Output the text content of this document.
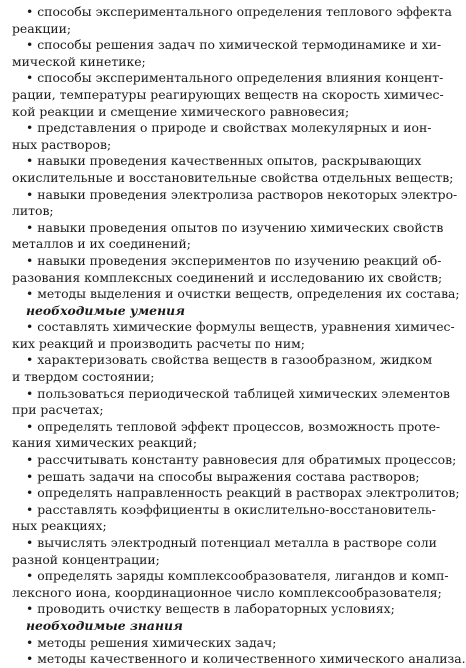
• способы экспериментального определения теплового эффекта
реакции;
• способы решения задач по химической термодинамике и хи-
мической кинетике;
• способы экспериментального определения влияния концент-
рации, температуры реагирующих веществ на скорость химичес-
кой реакции и смещение химического равновесия;
• представления о природе и свойствах молекулярных и ион-
ных растворов;
• навыки проведения качественных опытов, раскрывающих
окислительные и восстановительные свойства отдельных веществ;
• навыки проведения электролиза растворов некоторых электро-
литов;
• навыки проведения опытов по изучению химических свойств
металлов и их соединений;
• навыки проведения экспериментов по изучению реакций об-
разования комплексных соединений и исследованию их свойств;
• методы выделения и очистки веществ, определения их состава;
необходимые умения
• составлять химические формулы веществ, уравнения химичес-
ких реакций и производить расчеты по ним;
• характеризовать свойства веществ в газообразном, жидком
и твердом состоянии;
• пользоваться периодической таблицей химических элементов
при расчетах;
• определять тепловой эффект процессов, возможность проте-
кания химических реакций;
• рассчитывать константу равновесия для обратимых процессов;
• решать задачи на способы выражения состава растворов;
• определять направленность реакций в растворах электролитов;
• расставлять коэффициенты в окислительно-восстановитель-
ных реакциях;
• вычислять электродный потенциал металла в растворе соли
разной концентрации;
• определять заряды комплексообразователя, лигандов и комп-
лексного иона, координационное число комплексообразователя;
• проводить очистку веществ в лабораторных условиях;
необходимые знания
• методы решения химических задач;
• методы качественного и количественного химического анализа.
